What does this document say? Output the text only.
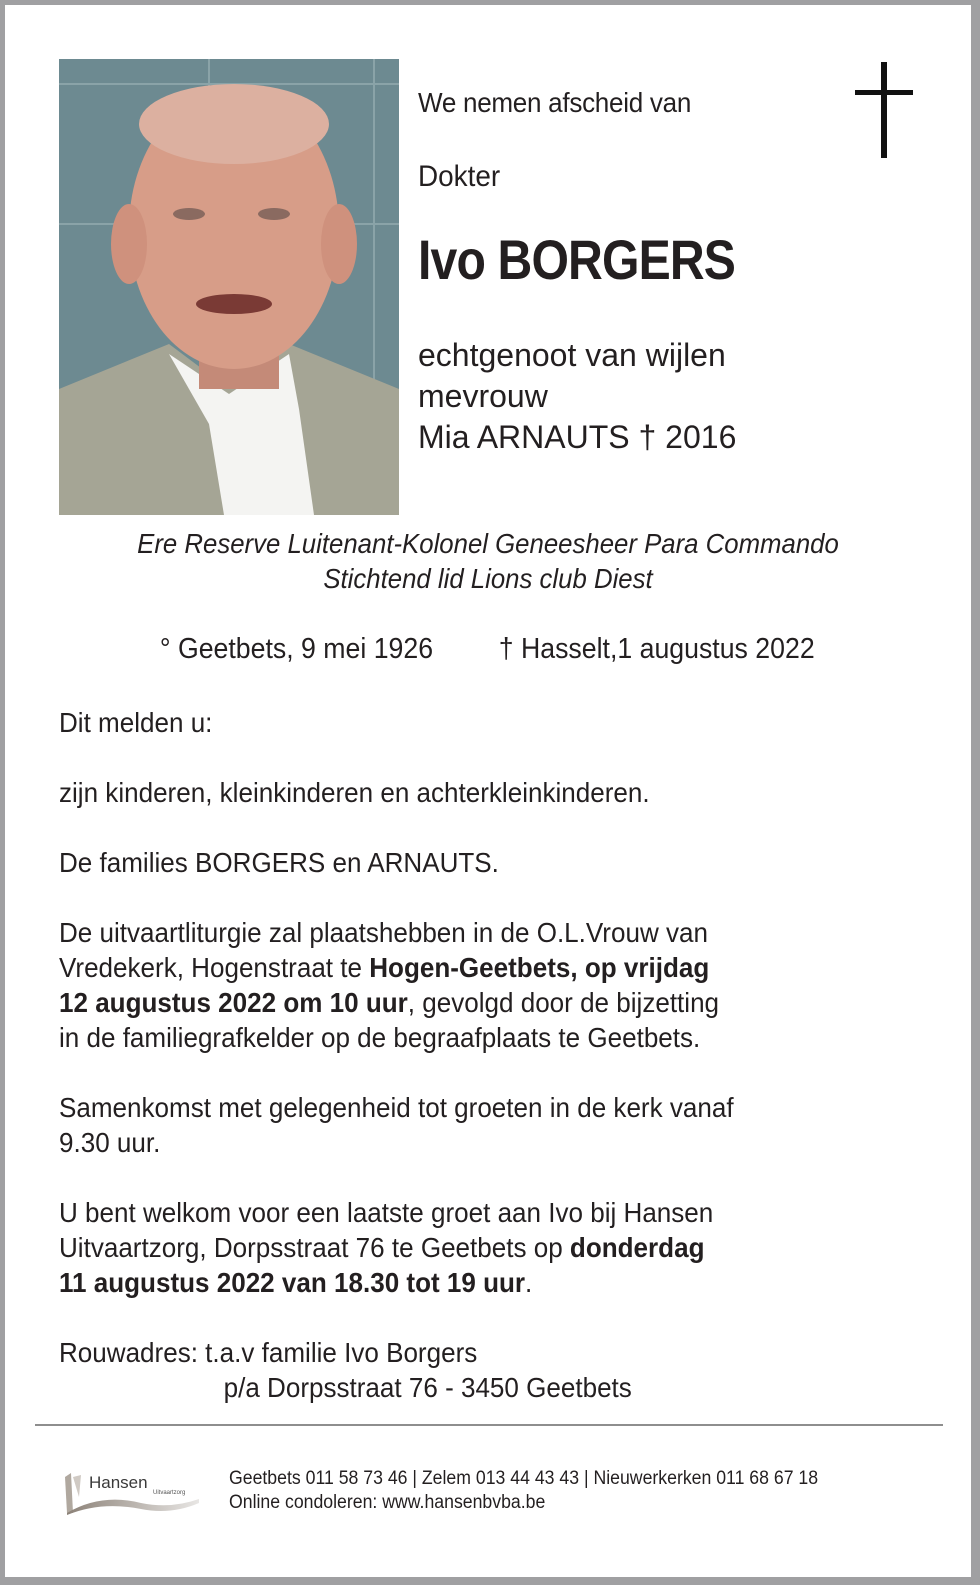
We nemen afscheid van
Dokter
Ivo BORGERS
echtgenoot van wijlen
mevrouw
Mia ARNAUTS † 2016
Ere Reserve Luitenant-Kolonel Geneesheer Para Commando
Stichtend lid Lions club Diest
° Geetbets, 9 mei 1926 † Hasselt,1 augustus 2022

Dit melden u:

zijn kinderen, kleinkinderen en achterkleinkinderen.

De families BORGERS en ARNAUTS.

De uitvaartliturgie zal plaatshebben in de O.L.Vrouw van
Vredekerk, Hogenstraat te Hogen-Geetbets, op vrijdag
12 augustus 2022 om 10 uur, gevolgd door de bijzetting
in de familiegrafkelder op de begraafplaats te Geetbets.

Samenkomst met gelegenheid tot groeten in de kerk vanaf
9.30 uur.

U bent welkom voor een laatste groet aan Ivo bij Hansen
Uitvaartzorg, Dorpsstraat 76 te Geetbets op donderdag
11 augustus 2022 van 18.30 tot 19 uur.

Rouwadres: t.a.v familie Ivo Borgers
p/a Dorpsstraat 76 - 3450 Geetbets

Hansen
Uitvaartzorg
Geetbets 011 58 73 46 | Zelem 013 44 43 43 | Nieuwerkerken 011 68 67 18
Online condoleren: www.hansenbvba.be
